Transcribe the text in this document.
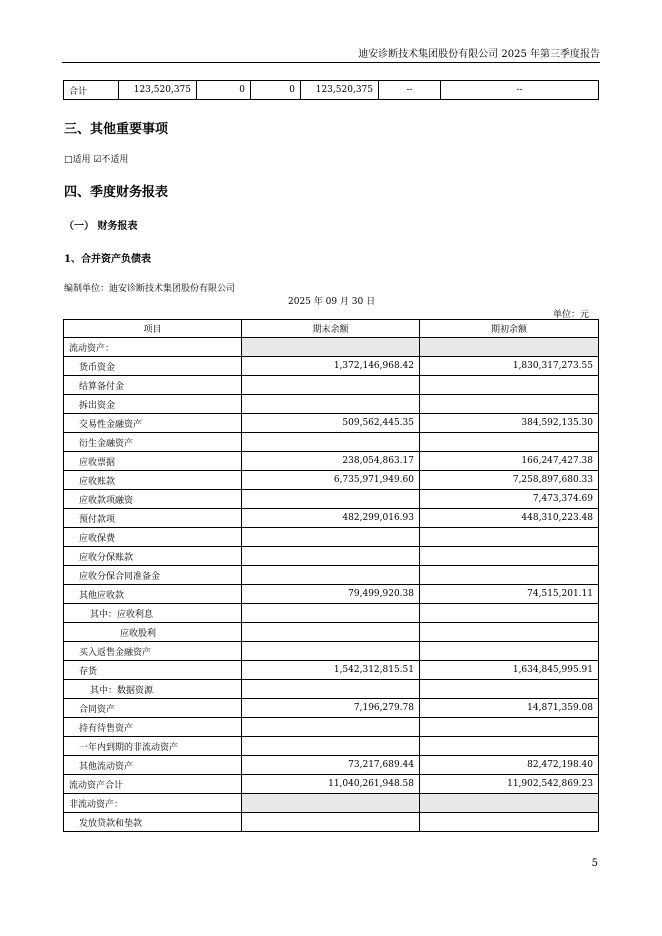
迪安诊断技术集团股份有限公司 2025 年第三季度报告
合计	123,520,375	0	0	123,520,375	--	--
三、其他重要事项
□适用 ☑不适用
四、季度财务报表
（一） 财务报表
1、合并资产负债表
编制单位：迪安诊断技术集团股份有限公司
2025 年 09 月 30 日
单位：元
项目	期末余额	期初余额
流动资产：		
货币资金	1,372,146,968.42	1,830,317,273.55
结算备付金		
拆出资金		
交易性金融资产	509,562,445.35	384,592,135.30
衍生金融资产		
应收票据	238,054,863.17	166,247,427.38
应收账款	6,735,971,949.60	7,258,897,680.33
应收款项融资		7,473,374.69
预付款项	482,299,016.93	448,310,223.48
应收保费		
应收分保账款		
应收分保合同准备金		
其他应收款	79,499,920.38	74,515,201.11
其中：应收利息		
应收股利		
买入返售金融资产		
存货	1,542,312,815.51	1,634,845,995.91
其中：数据资源		
合同资产	7,196,279.78	14,871,359.08
持有待售资产		
一年内到期的非流动资产		
其他流动资产	73,217,689.44	82,472,198.40
流动资产合计	11,040,261,948.58	11,902,542,869.23
非流动资产：		
发放贷款和垫款		
5
